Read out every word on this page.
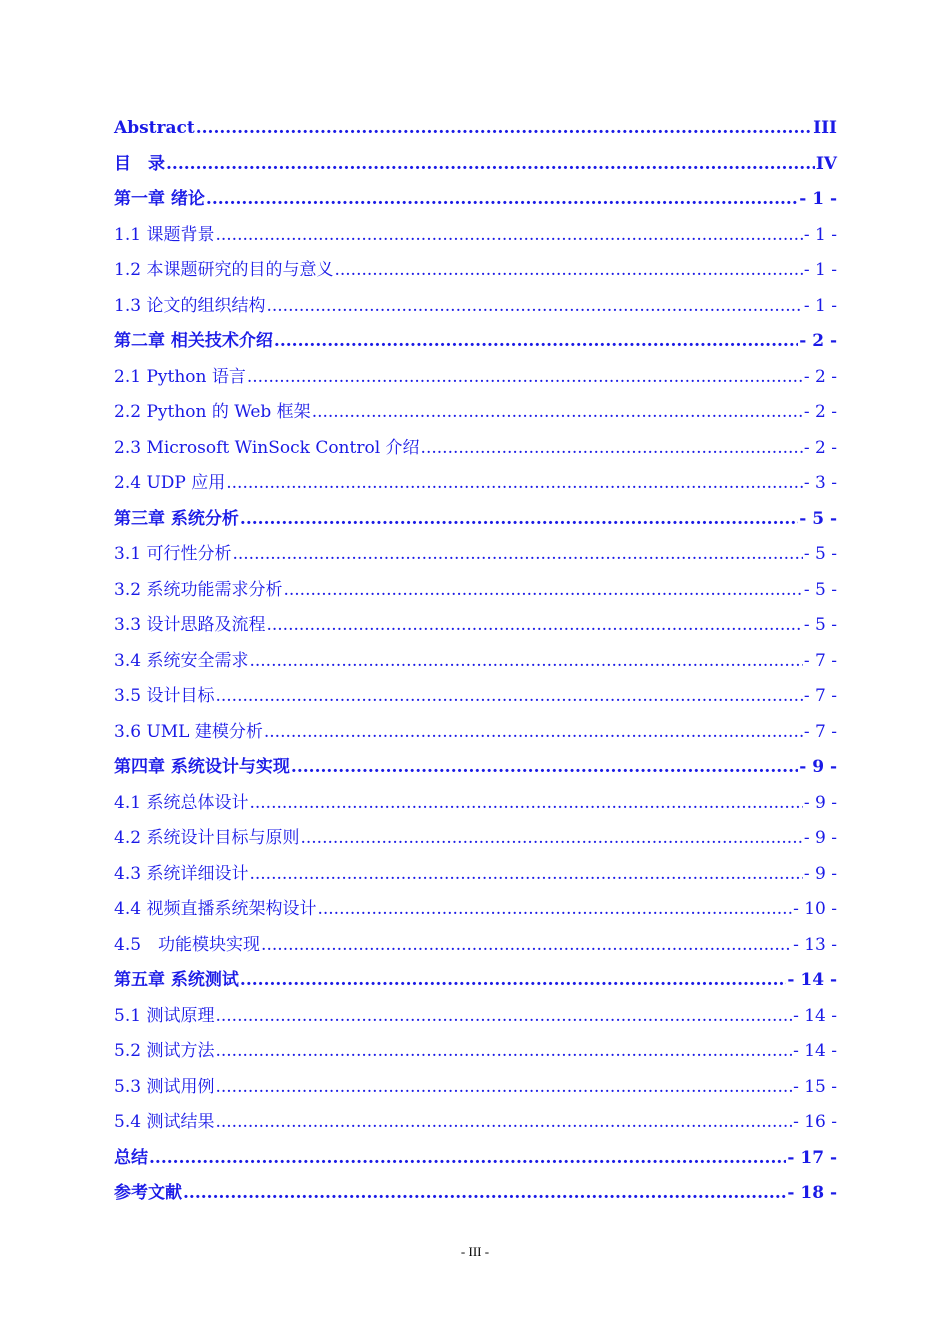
Abstract .....	III
目　录 .....	IV
第一章 绪论 .....	- 1 -
1.1 课题背景 .....	- 1 -
1.2 本课题研究的目的与意义 .....	- 1 -
1.3 论文的组织结构 .....	- 1 -
第二章 相关技术介绍 .....	- 2 -
2.1 Python 语言 .....	- 2 -
2.2 Python 的 Web 框架 .....	- 2 -
2.3 Microsoft WinSock Control 介绍 .....	- 2 -
2.4 UDP 应用 .....	- 3 -
第三章 系统分析 .....	- 5 -
3.1 可行性分析 .....	- 5 -
3.2 系统功能需求分析 .....	- 5 -
3.3 设计思路及流程 .....	- 5 -
3.4 系统安全需求 .....	- 7 -
3.5 设计目标 .....	- 7 -
3.6 UML 建模分析 .....	- 7 -
第四章 系统设计与实现 .....	- 9 -
4.1 系统总体设计 .....	- 9 -
4.2 系统设计目标与原则 .....	- 9 -
4.3 系统详细设计 .....	- 9 -
4.4 视频直播系统架构设计 .....	- 10 -
4.5　功能模块实现 .....	- 13 -
第五章 系统测试 .....	- 14 -
5.1 测试原理 .....	- 14 -
5.2 测试方法 .....	- 14 -
5.3 测试用例 .....	- 15 -
5.4 测试结果 .....	- 16 -
总结 .....	- 17 -
参考文献 .....	- 18 -
- III -
